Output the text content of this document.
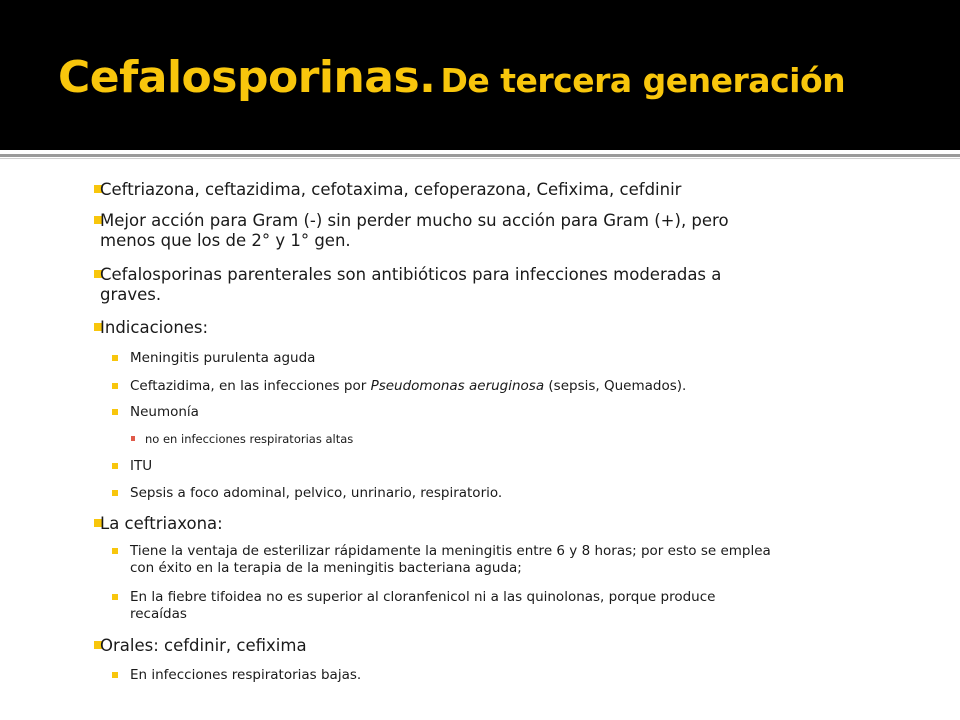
Cefalosporinas. De tercera generación
Ceftriazona, ceftazidima, cefotaxima, cefoperazona, Cefixima, cefdinir
Mejor acción para Gram (-) sin perder mucho su acción para Gram (+), pero
menos que los de 2° y 1° gen.
Cefalosporinas parenterales son antibióticos para infecciones moderadas a
graves.
Indicaciones:
Meningitis purulenta aguda
Ceftazidima, en las infecciones por Pseudomonas aeruginosa (sepsis, Quemados).
Neumonía
no en infecciones respiratorias altas
ITU
Sepsis a foco adominal, pelvico, unrinario, respiratorio.
La ceftriaxona:
Tiene la ventaja de esterilizar rápidamente la meningitis entre 6 y 8 horas; por esto se emplea
con éxito en la terapia de la meningitis bacteriana aguda;
En la fiebre tifoidea no es superior al cloranfenicol ni a las quinolonas, porque produce
recaídas
Orales: cefdinir, cefixima
En infecciones respiratorias bajas.
